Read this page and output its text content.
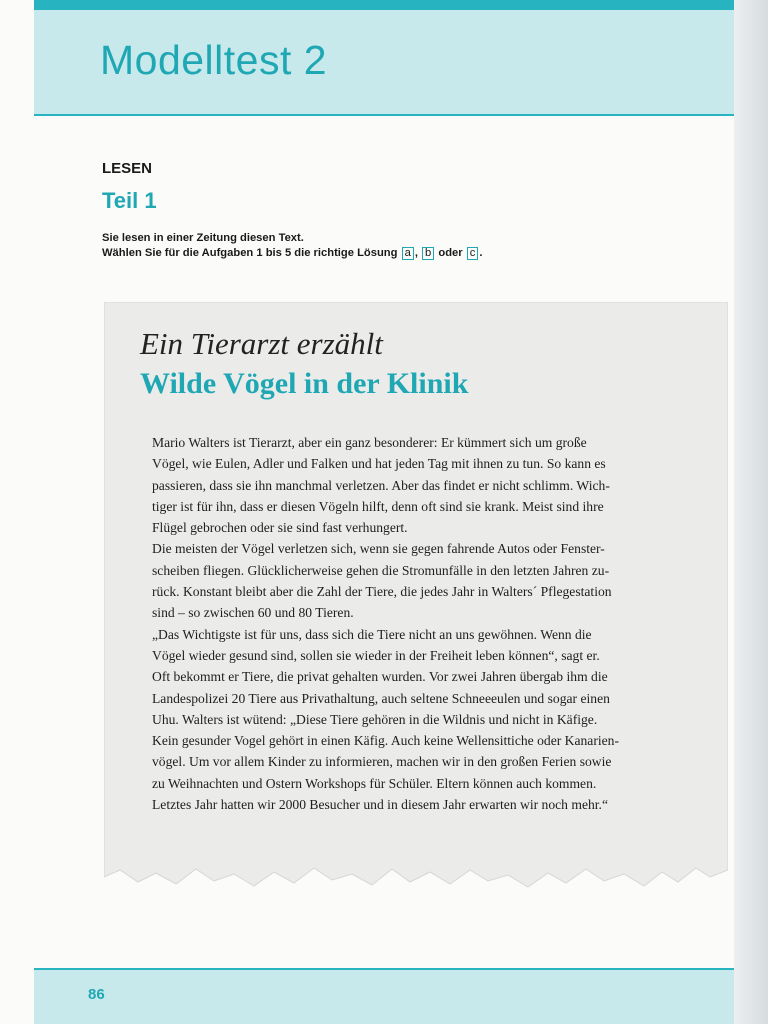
Modelltest 2
LESEN
Teil 1
Sie lesen in einer Zeitung diesen Text.
Wählen Sie für die Aufgaben 1 bis 5 die richtige Lösung a , b oder c .
Ein Tierarzt erzählt
Wilde Vögel in der Klinik
Mario Walters ist Tierarzt, aber ein ganz besonderer: Er kümmert sich um große
Vögel, wie Eulen, Adler und Falken und hat jeden Tag mit ihnen zu tun. So kann es
passieren, dass sie ihn manchmal verletzen. Aber das findet er nicht schlimm. Wich-
tiger ist für ihn, dass er diesen Vögeln hilft, denn oft sind sie krank. Meist sind ihre
Flügel gebrochen oder sie sind fast verhungert.
Die meisten der Vögel verletzen sich, wenn sie gegen fahrende Autos oder Fenster-
scheiben fliegen. Glücklicherweise gehen die Stromunfälle in den letzten Jahren zu-
rück. Konstant bleibt aber die Zahl der Tiere, die jedes Jahr in Walters´ Pflegestation
sind – so zwischen 60 und 80 Tieren.
„Das Wichtigste ist für uns, dass sich die Tiere nicht an uns gewöhnen. Wenn die
Vögel wieder gesund sind, sollen sie wieder in der Freiheit leben können“, sagt er.
Oft bekommt er Tiere, die privat gehalten wurden. Vor zwei Jahren übergab ihm die
Landespolizei 20 Tiere aus Privathaltung, auch seltene Schneeeulen und sogar einen
Uhu. Walters ist wütend: „Diese Tiere gehören in die Wildnis und nicht in Käfige.
Kein gesunder Vogel gehört in einen Käfig. Auch keine Wellensittiche oder Kanarien-
vögel. Um vor allem Kinder zu informieren, machen wir in den großen Ferien sowie
zu Weihnachten und Ostern Workshops für Schüler. Eltern können auch kommen.
Letztes Jahr hatten wir 2000 Besucher und in diesem Jahr erwarten wir noch mehr.“
86
